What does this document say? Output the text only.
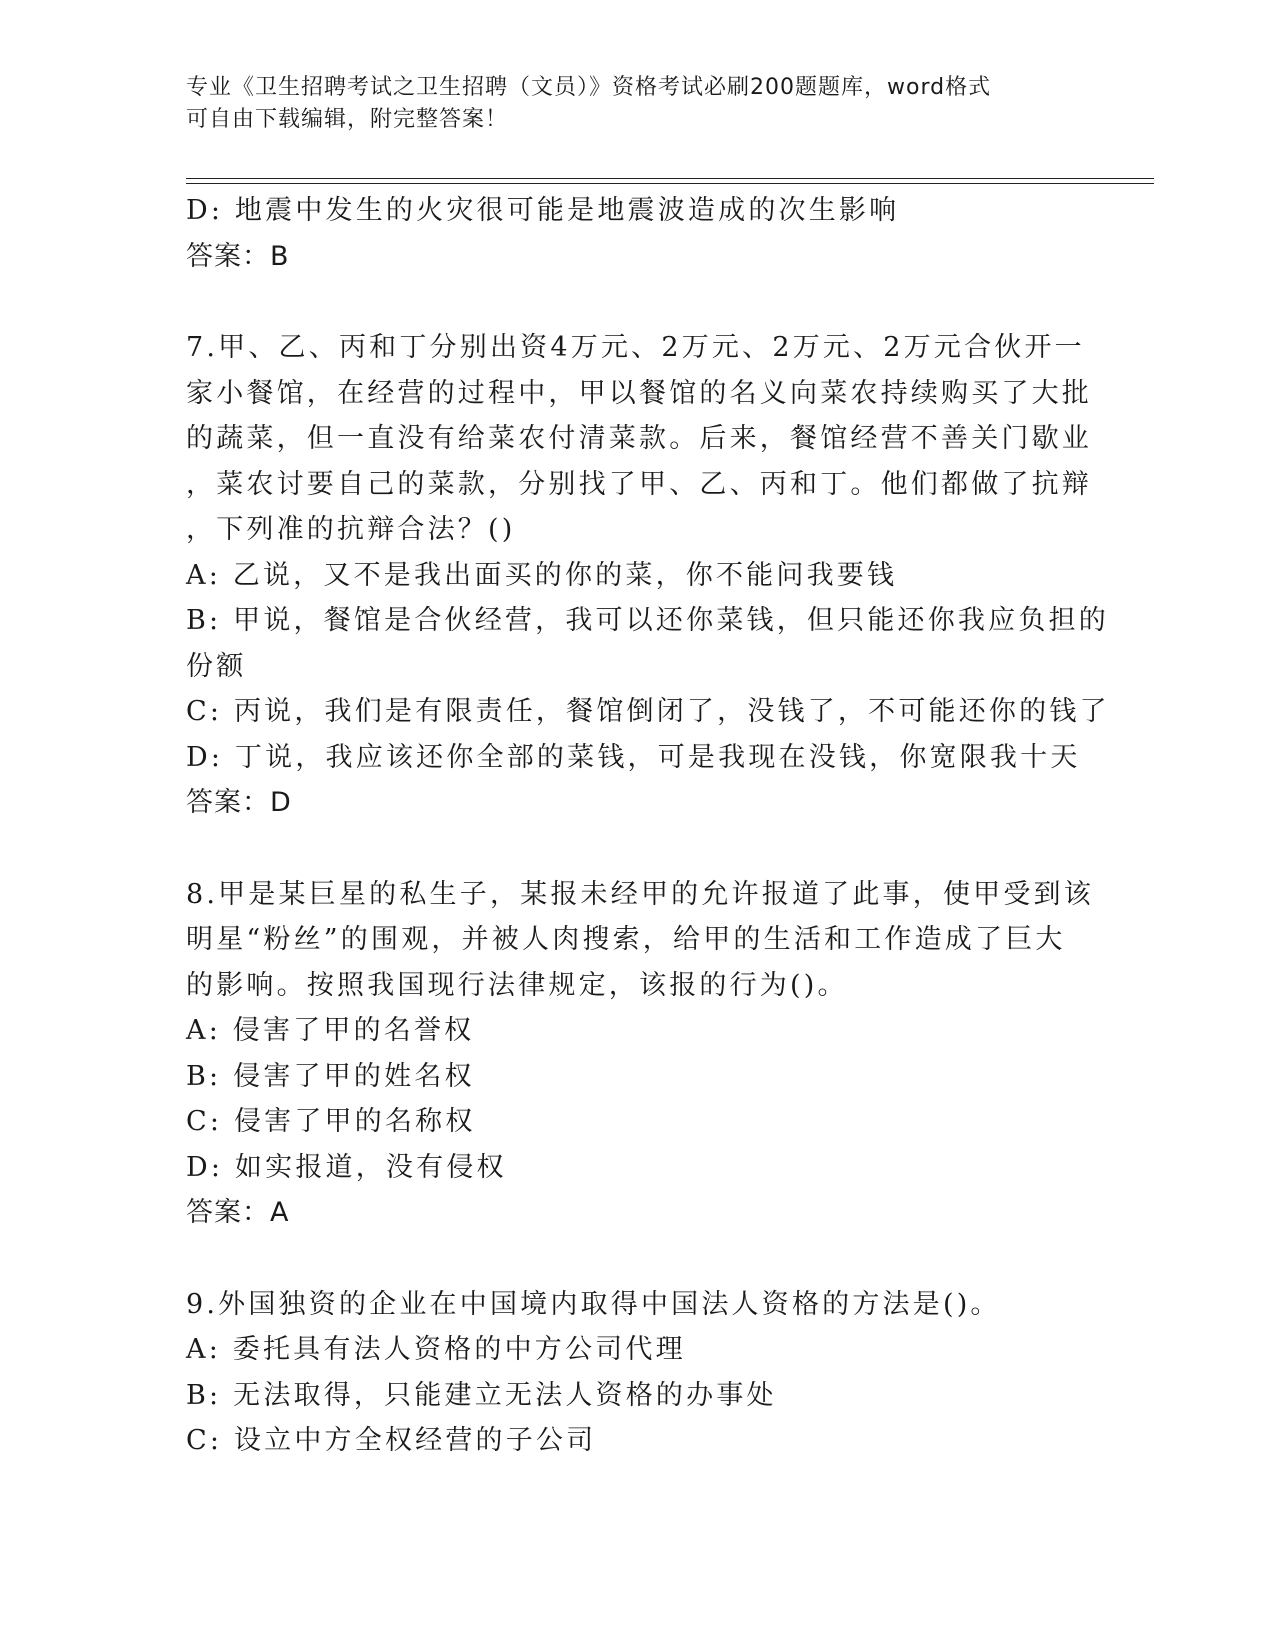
专业《卫生招聘考试之卫生招聘（文员）》资格考试必刷200题题库，word格式
可自由下载编辑，附完整答案！
D: 地震中发生的火灾很可能是地震波造成的次生影响
答案：B
7.甲、乙、丙和丁分别出资4万元、2万元、2万元、2万元合伙开一
家小餐馆，在经营的过程中，甲以餐馆的名义向菜农持续购买了大批
的蔬菜，但一直没有给菜农付清菜款。后来，餐馆经营不善关门歇业
，菜农讨要自己的菜款，分别找了甲、乙、丙和丁。他们都做了抗辩
，下列准的抗辩合法？()
A: 乙说，又不是我出面买的你的菜，你不能问我要钱
B: 甲说，餐馆是合伙经营，我可以还你菜钱，但只能还你我应负担的
份额
C: 丙说，我们是有限责任，餐馆倒闭了，没钱了，不可能还你的钱了
D: 丁说，我应该还你全部的菜钱，可是我现在没钱，你宽限我十天
答案：D
8.甲是某巨星的私生子，某报未经甲的允许报道了此事，使甲受到该
明星“粉丝”的围观，并被人肉搜索，给甲的生活和工作造成了巨大
的影响。按照我国现行法律规定，该报的行为()。
A: 侵害了甲的名誉权
B: 侵害了甲的姓名权
C: 侵害了甲的名称权
D: 如实报道，没有侵权
答案：A
9.外国独资的企业在中国境内取得中国法人资格的方法是()。
A: 委托具有法人资格的中方公司代理
B: 无法取得，只能建立无法人资格的办事处
C: 设立中方全权经营的子公司
